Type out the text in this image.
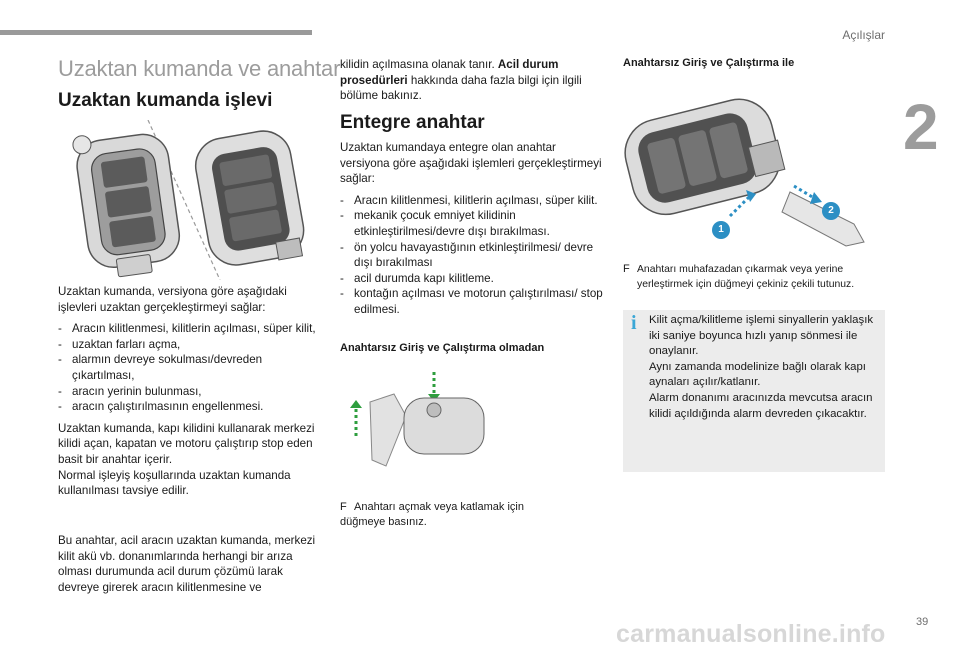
Açılışlar
2
39
Uzaktan kumanda ve anahtar
Uzaktan kumanda işlevi

Uzaktan kumanda, versiyona göre aşağıdaki işlevleri uzaktan gerçekleştirmeyi sağlar:

- Aracın kilitlenmesi, kilitlerin açılması, süper kilit,
- uzaktan farları açma,
- alarmın devreye sokulması/devreden çıkartılması,
- aracın yerinin bulunması,
- aracın çalıştırılmasının engellenmesi.

Uzaktan kumanda, kapı kilidini kullanarak merkezi kilidi açan, kapatan ve motoru çalıştırıp stop eden basit bir anahtar içerir.

Normal işleyiş koşullarında uzaktan kumanda kullanılması tavsiye edilir.

Bu anahtar, acil aracın uzaktan kumanda, merkezi kilit akü vb. donanımlarında herhangi bir arıza olması durumunda acil durum çözümü larak devreye girerek aracın kilitlenmesine ve
kilidin açılmasına olanak tanır. Acil durum prosedürleri hakkında daha fazla bilgi için ilgili bölüme bakınız.
Entegre anahtar

Uzaktan kumandaya entegre olan anahtar versiyona göre aşağıdaki işlemleri gerçekleştirmeyi sağlar:

- Aracın kilitlenmesi, kilitlerin açılması, süper kilit.
- mekanik çocuk emniyet kilidinin etkinleştirilmesi/devre dışı bırakılması.
- ön yolcu havayastığının etkinleştirilmesi/ devre dışı bırakılması
- acil durumda kapı kilitleme.
- kontağın açılması ve motorun çalıştırılması/ stop edilmesi.
Anahtarsız Giriş ve Çalıştırma olmadan
F Anahtarı açmak veya katlamak için düğmeye basınız.
Anahtarsız Giriş ve Çalıştırma ile
1
2
F Anahtarı muhafazadan çıkarmak veya yerine yerleştirmek için düğmeyi çekiniz çekili tutunuz.
i Kilit açma/kilitleme işlemi sinyallerin yaklaşık iki saniye boyunca hızlı yanıp sönmesi ile onaylanır.

Aynı zamanda modelinize bağlı olarak kapı aynaları açılır/katlanır.

Alarm donanımı aracınızda mevcutsa aracın kilidi açıldığında alarm devreden çıkacaktır.

carmanualsonline.info
